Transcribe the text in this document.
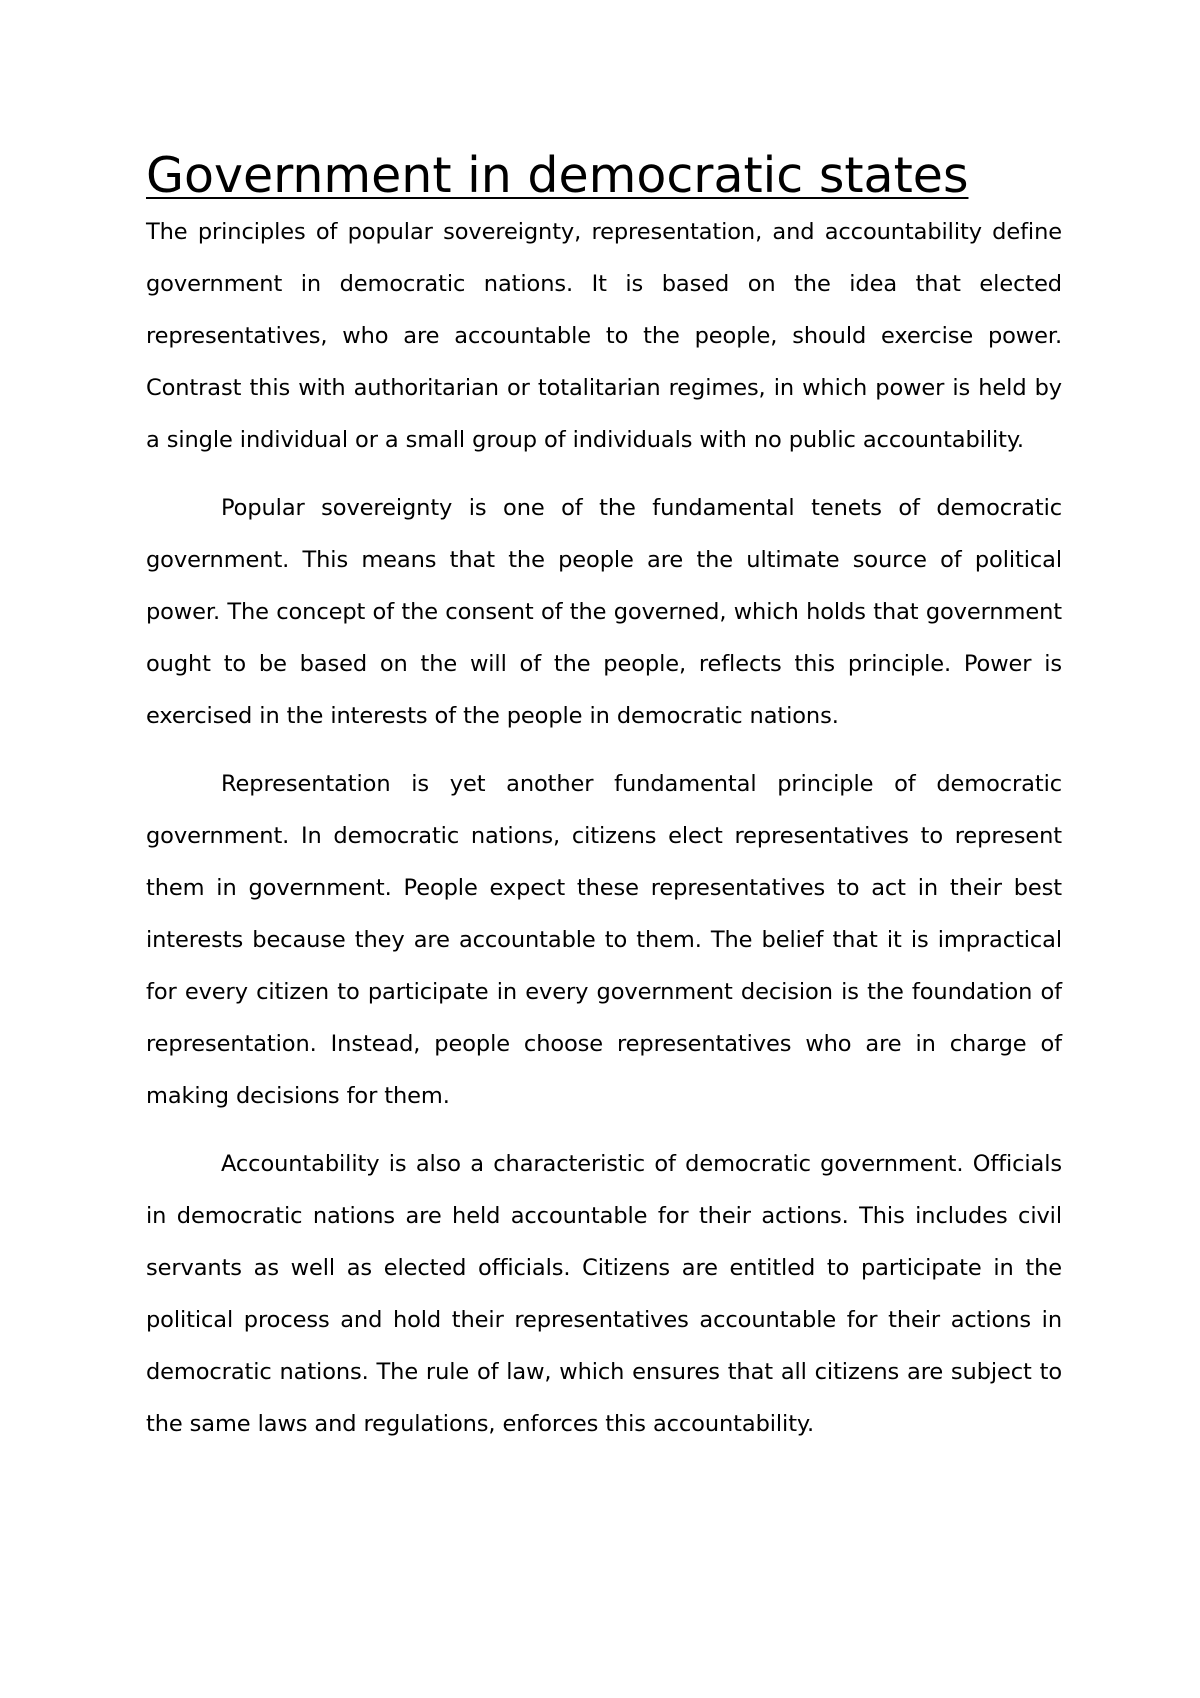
Government in democratic states

The principles of popular sovereignty, representation, and accountability define government in democratic nations. It is based on the idea that elected representatives, who are accountable to the people, should exercise power. Contrast this with authoritarian or totalitarian regimes, in which power is held by a single individual or a small group of individuals with no public accountability.

Popular sovereignty is one of the fundamental tenets of democratic government. This means that the people are the ultimate source of political power. The concept of the consent of the governed, which holds that government ought to be based on the will of the people, reflects this principle. Power is exercised in the interests of the people in democratic nations.

Representation is yet another fundamental principle of democratic government. In democratic nations, citizens elect representatives to represent them in government. People expect these representatives to act in their best interests because they are accountable to them. The belief that it is impractical for every citizen to participate in every government decision is the foundation of representation. Instead, people choose representatives who are in charge of making decisions for them.

Accountability is also a characteristic of democratic government. Officials in democratic nations are held accountable for their actions. This includes civil servants as well as elected officials. Citizens are entitled to participate in the political process and hold their representatives accountable for their actions in democratic nations. The rule of law, which ensures that all citizens are subject to the same laws and regulations, enforces this accountability.
